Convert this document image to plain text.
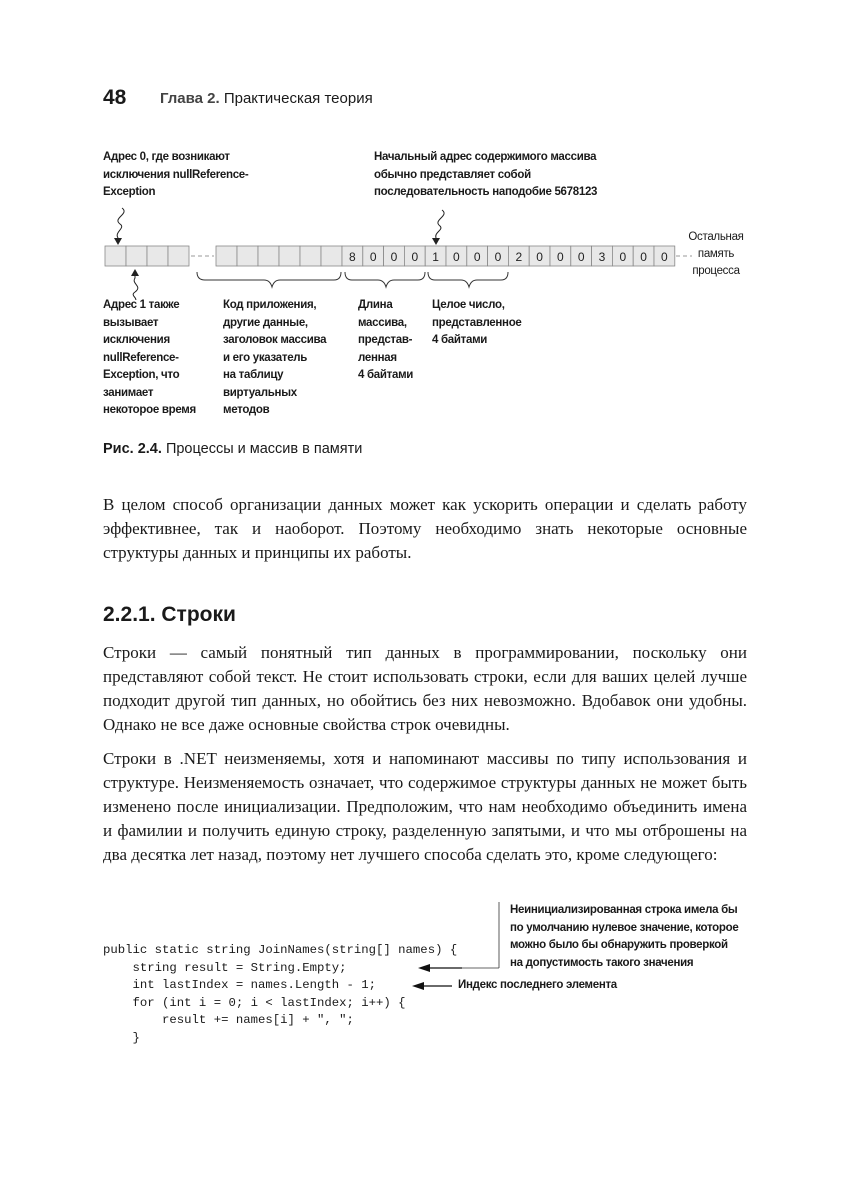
48 Глава 2. Практическая теория
Адрес 0, где возникают
исключения nullReference-
Exception
Начальный адрес содержимого массива
обычно представляет собой
последовательность наподобие 5678123
8 0 0 0 1 0 0 0 2 0 0 0 3 0 0 0
Остальная
память
процесса
Адрес 1 также
вызывает
исключения
nullReference-
Exception, что
занимает
некоторое время
Код приложения,
другие данные,
заголовок массива
и его указатель
на таблицу
виртуальных
методов
Длина
массива,
представ-
ленная
4 байтами
Целое число,
представленное
4 байтами
Рис. 2.4. Процессы и массив в памяти

В целом способ организации данных может как ускорить операции и сделать работу эффективнее, так и наоборот. Поэтому необходимо знать некоторые основные структуры данных и принципы их работы.

2.2.1. Строки

Строки — самый понятный тип данных в программировании, поскольку они представляют собой текст. Не стоит использовать строки, если для ваших целей лучше подходит другой тип данных, но обойтись без них невозможно. Вдобавок они удобны. Однако не все даже основные свойства строк очевидны.

Строки в .NET неизменяемы, хотя и напоминают массивы по типу использования и структуре. Неизменяемость означает, что содержимое структуры данных не может быть изменено после инициализации. Предположим, что нам необходимо объединить имена и фамилии и получить единую строку, разделенную запятыми, и что мы отброшены на два десятка лет назад, поэтому нет лучшего способа сделать это, кроме следующего:

public static string JoinNames(string[] names) {
string result = String.Empty;
int lastIndex = names.Length - 1;
for (int i = 0; i < lastIndex; i++) {
result += names[i] + ", ";
}
Неинициализированная строка имела бы
по умолчанию нулевое значение, которое
можно было бы обнаружить проверкой
на допустимость такого значения
Индекс последнего элемента
